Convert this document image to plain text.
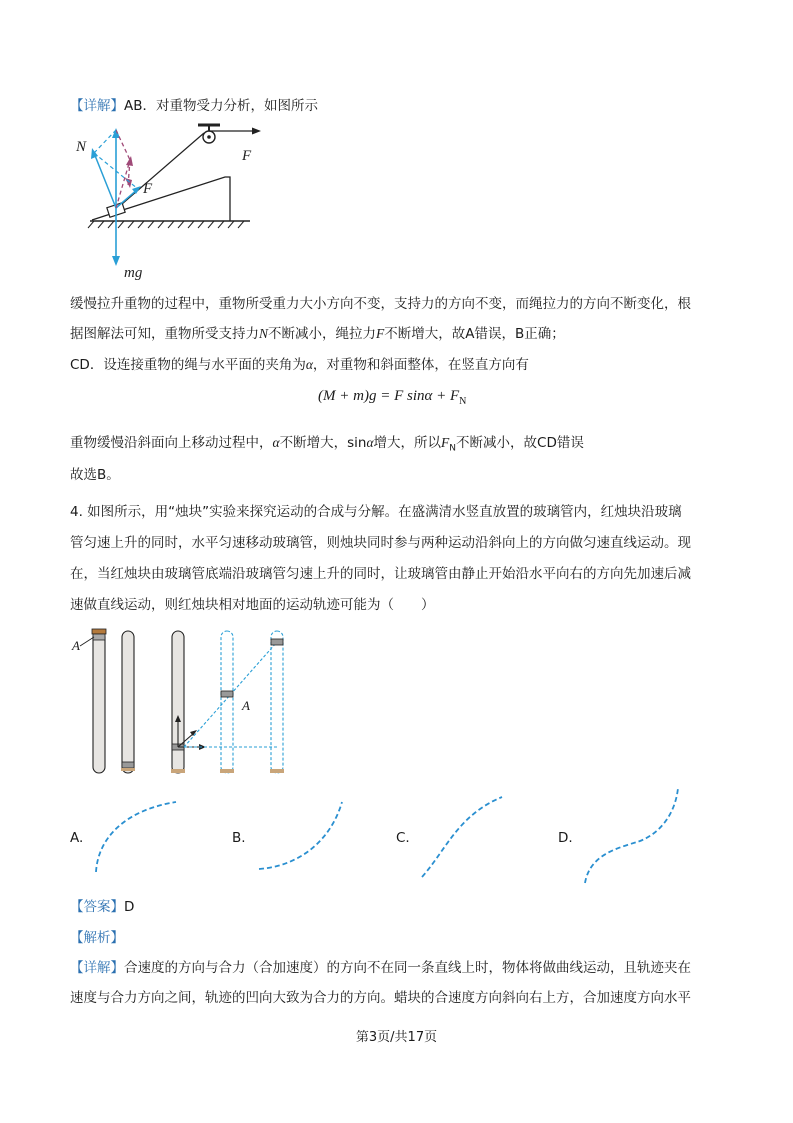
【详解】AB．对重物受力分析，如图所示
N
F
F
mg
缓慢拉升重物的过程中，重物所受重力大小方向不变，支持力的方向不变，而绳拉力的方向不断变化，根
据图解法可知，重物所受支持力N不断减小，绳拉力F不断增大，故A错误，B正确；
CD．设连接重物的绳与水平面的夹角为α，对重物和斜面整体，在竖直方向有
(M + m)g = F $\sin\alpha + F_N$
重物缓慢沿斜面向上移动过程中，α不断增大，sinα增大，所以$F_N$不断减小，故CD错误
故选B。
4. 如图所示，用“烛块”实验来探究运动的合成与分解。在盛满清水竖直放置的玻璃管内，红烛块沿玻璃
管匀速上升的同时，水平匀速移动玻璃管，则烛块同时参与两种运动沿斜向上的方向做匀速直线运动。现
在，当红烛块由玻璃管底端沿玻璃管匀速上升的同时，让玻璃管由静止开始沿水平向右的方向先加速后减
速做直线运动，则红烛块相对地面的运动轨迹可能为（　　）
A
A
A.	B.	C.	D.
【答案】D
【解析】
【详解】合速度的方向与合力（合加速度）的方向不在同一条直线上时，物体将做曲线运动，且轨迹夹在
速度与合力方向之间，轨迹的凹向大致为合力的方向。蜡块的合速度方向斜向右上方，合加速度方向水平
第3页/共17页
